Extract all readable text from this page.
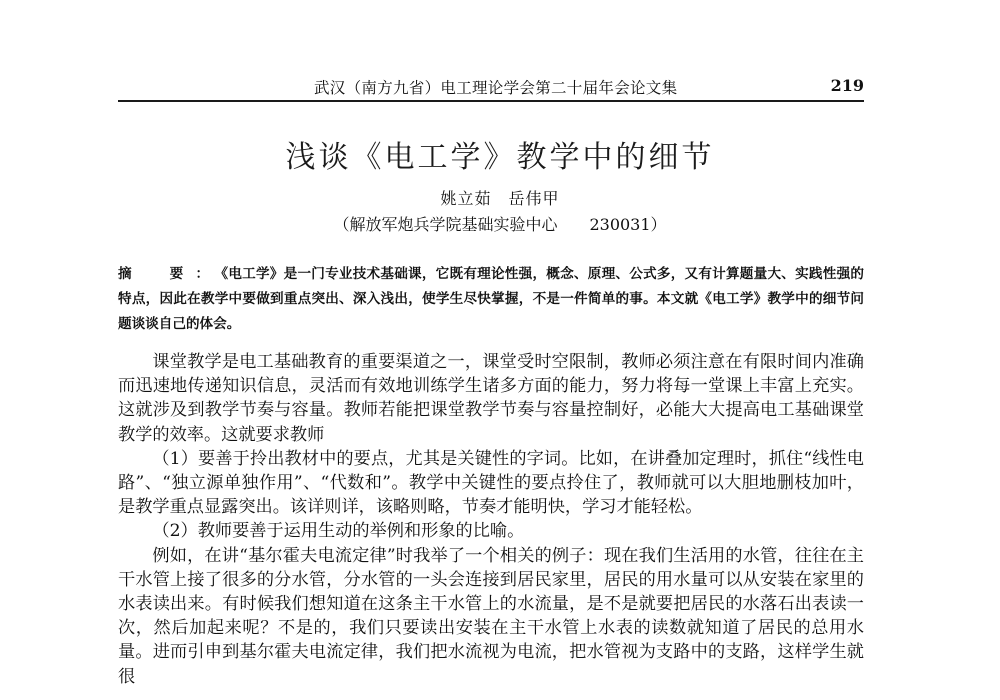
武汉（南方九省）电工理论学会第二十届年会论文集	219
浅谈《电工学》教学中的细节
姚立茹　岳伟甲
（解放军炮兵学院基础实验中心　　230031）

摘　要：《电工学》是一门专业技术基础课，它既有理论性强，概念、原理、公式多，又有计算题量大、实践性强的特点，因此在教学中要做到重点突出、深入浅出，使学生尽快掌握，不是一件简单的事。本文就《电工学》教学中的细节问题谈谈自己的体会。

课堂教学是电工基础教育的重要渠道之一，课堂受时空限制，教师必须注意在有限时间内准确而迅速地传递知识信息，灵活而有效地训练学生诸多方面的能力，努力将每一堂课上丰富上充实。这就涉及到教学节奏与容量。教师若能把课堂教学节奏与容量控制好，必能大大提高电工基础课堂教学的效率。这就要求教师

（1）要善于拎出教材中的要点，尤其是关键性的字词。比如，在讲叠加定理时，抓住“线性电路”、“独立源单独作用”、“代数和”。教学中关键性的要点拎住了，教师就可以大胆地删枝加叶，是教学重点显露突出。该详则详，该略则略，节奏才能明快，学习才能轻松。

（2）教师要善于运用生动的举例和形象的比喻。

例如，在讲“基尔霍夫电流定律”时我举了一个相关的例子：现在我们生活用的水管，往往在主干水管上接了很多的分水管，分水管的一头会连接到居民家里，居民的用水量可以从安装在家里的水表读出来。有时候我们想知道在这条主干水管上的水流量，是不是就要把居民的水落石出表读一次，然后加起来呢？不是的，我们只要读出安装在主干水管上水表的读数就知道了居民的总用水量。进而引申到基尔霍夫电流定律，我们把水流视为电流，把水管视为支路中的支路，这样学生就很
